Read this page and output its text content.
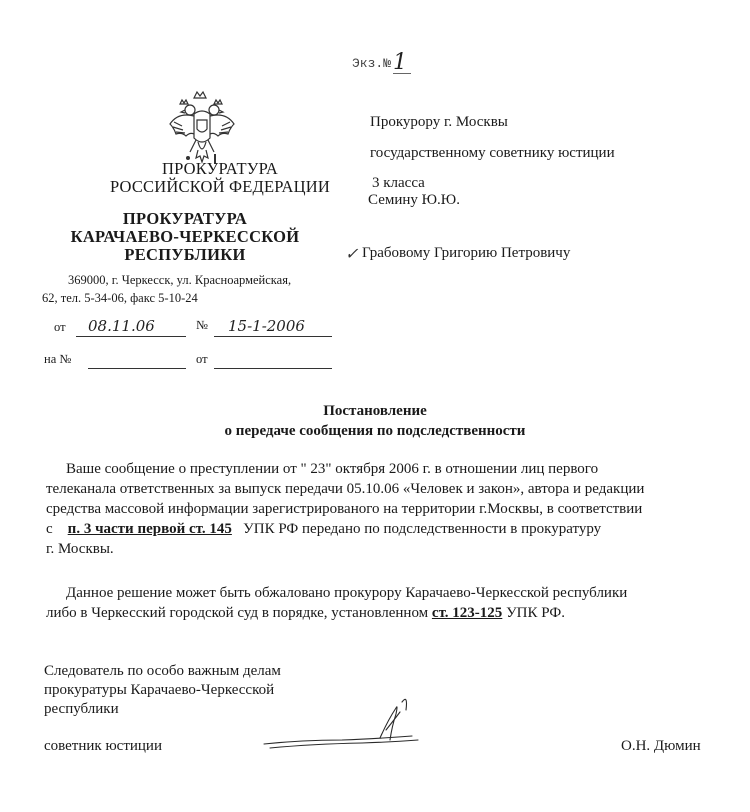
Экз.№1
ПРОКУРАТУРА
РОССИЙСКОЙ ФЕДЕРАЦИИ
ПРОКУРАТУРА
КАРАЧАЕВО-ЧЕРКЕССКОЙ
РЕСПУБЛИКИ
369000, г. Черкесск, ул. Красноармейская,
62, тел. 5-34-06, факс 5-10-24
от 08.11.06	№ 15-1-2006
на №	от
Прокурору г. Москвы
государственному советнику юстиции
3 класса
Семину Ю.Ю.
✓ Грабовому Григорию Петровичу
Постановление
о передаче сообщения по подследственности
Ваше сообщение о преступлении от " 23" октября 2006 г. в отношении лиц первого
телеканала ответственных за выпуск передачи 05.10.06 «Человек и закон», автора и редакции
средства массовой информации зарегистрированого на территории г.Москвы, в соответствии
с п. 3 части первой ст. 145 УПК РФ передано по подследственности в прокуратуру
г. Москвы.
Данное решение может быть обжаловано прокурору Карачаево-Черкесской республики
либо в Черкесский городской суд в порядке, установленном ст. 123-125 УПК РФ.
Следователь по особо важным делам
прокуратуры Карачаево-Черкесской
республики
советник юстиции	О.Н. Дюмин
